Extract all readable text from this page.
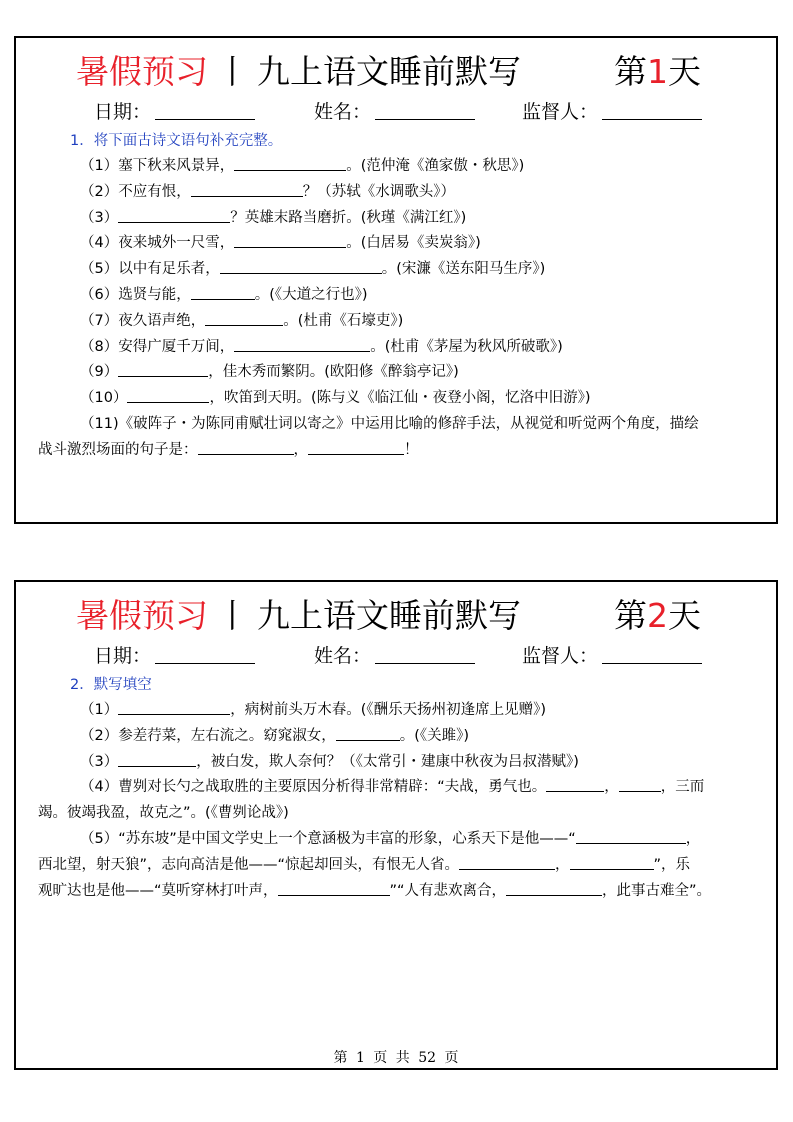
暑假预习 丨 九上语文睡前默写	第1天
日期：	姓名：	监督人：
1．将下面古诗文语句补充完整。
（1）塞下秋来风景异，	。(范仲淹《渔家傲・秋思》)
（2）不应有恨，	？（苏轼《水调歌头》）
（3）	？英雄末路当磨折。(秋瑾《满江红》)
（4）夜来城外一尺雪，	。(白居易《卖炭翁》)
（5）以中有足乐者，	。(宋濂《送东阳马生序》)
（6）选贤与能，	。(《大道之行也》)
（7）夜久语声绝，	。(杜甫《石壕吏》)
（8）安得广厦千万间，	。(杜甫《茅屋为秋风所破歌》)
（9）	，佳木秀而繁阴。(欧阳修《醉翁亭记》)
（10）	，吹笛到天明。(陈与义《临江仙・夜登小阁，忆洛中旧游》)
（11)《破阵子・为陈同甫赋壮词以寄之》中运用比喻的修辞手法，从视觉和听觉两个角度，描绘
战斗激烈场面的句子是：	，	！
暑假预习 丨 九上语文睡前默写	第2天
日期：	姓名：	监督人：
2．默写填空
（1）	，病树前头万木春。(《酬乐天扬州初逢席上见赠》)
（2）参差荇菜，左右流之。窈窕淑女，	。(《关雎》)
（3）	，被白发，欺人奈何？（《太常引・建康中秋夜为吕叔潜赋》)
（4）曹刿对长勺之战取胜的主要原因分析得非常精辟：“夫战，勇气也。	，	，三而
竭。彼竭我盈，故克之”。(《曹刿论战》)
（5）“苏东坡”是中国文学史上一个意涵极为丰富的形象，心系天下是他——“	，
西北望，射天狼”，志向高洁是他——“惊起却回头，有恨无人省。	，	”，乐
观旷达也是他——“莫听穿林打叶声，	”“人有悲欢离合，	，此事古难全”。
第 1 页 共 52 页
